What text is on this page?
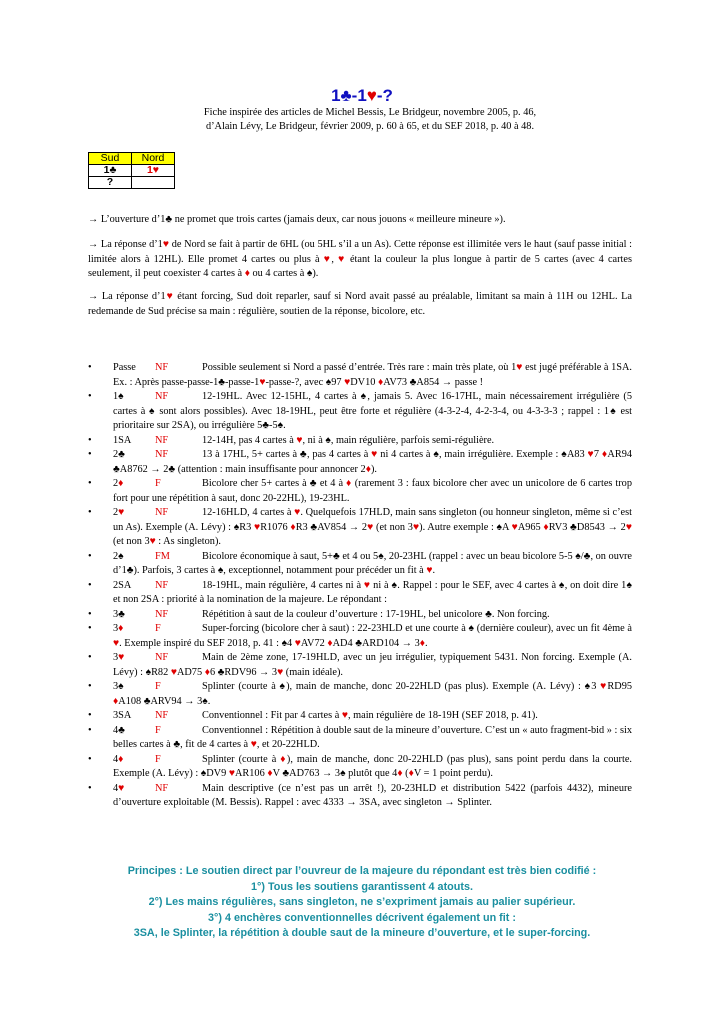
1♣-1♥-?
Fiche inspirée des articles de Michel Bessis, Le Bridgeur, novembre 2005, p. 46,
d’Alain Lévy, Le Bridgeur, février 2009, p. 60 à 65, et du SEF 2018, p. 40 à 48.
Sud	Nord
1♣	1♥
?	
→ L’ouverture d’1♣ ne promet que trois cartes (jamais deux, car nous jouons « meilleure mineure »).
→ La réponse d’1♥ de Nord se fait à partir de 6HL (ou 5HL s’il a un As). Cette réponse est illimitée vers le haut (sauf passe initial : limitée alors à 12HL). Elle promet 4 cartes ou plus à ♥, ♥ étant la couleur la plus longue à partir de 5 cartes (avec 4 cartes seulement, il peut coexister 4 cartes à ♦ ou 4 cartes à ♠).
→ La réponse d’1♥ étant forcing, Sud doit reparler, sauf si Nord avait passé au préalable, limitant sa main à 11H ou 12HL. La redemande de Sud précise sa main : régulière, soutien de la réponse, bicolore, etc.
• Passe NF	Possible seulement si Nord a passé d’entrée. Très rare : main très plate, où 1♥ est jugé préférable à 1SA. Ex. : Après passe-passe-1♣-passe-1♥-passe-?, avec ♠97 ♥DV10 ♦AV73 ♣A854 → passe !
• 1♠	NF	12-19HL. Avec 12-15HL, 4 cartes à ♠, jamais 5. Avec 16-17HL, main nécessairement irrégulière (5 cartes à ♠ sont alors possibles). Avec 18-19HL, peut être forte et régulière (4-3-2-4, 4-2-3-4, ou 4-3-3-3 ; rappel : 1♠ est prioritaire sur 2SA), ou irrégulière 5♣-5♠.
• 1SA NF	12-14H, pas 4 cartes à ♥, ni à ♠, main régulière, parfois semi-régulière.
• 2♣	NF	13 à 17HL, 5+ cartes à ♣, pas 4 cartes à ♥ ni 4 cartes à ♠, main irrégulière. Exemple : ♠A83 ♥7 ♦AR94 ♣A8762 → 2♣ (attention : main insuffisante pour annoncer 2♦).
• 2♦	F	Bicolore cher 5+ cartes à ♣ et 4 à ♦ (rarement 3 : faux bicolore cher avec un unicolore de 6 cartes trop fort pour une répétition à saut, donc 20-22HL), 19-23HL.
• 2♥	NF	12-16HLD, 4 cartes à ♥. Quelquefois 17HLD, main sans singleton (ou honneur singleton, même si c’est un As). Exemple (A. Lévy) : ♠R3 ♥R1076 ♦R3 ♣AV854 → 2♥ (et non 3♥). Autre exemple : ♠A ♥A965 ♦RV3 ♣D8543 → 2♥ (et non 3♥ : As singleton).
• 2♠	FM	Bicolore économique à saut, 5+♣ et 4 ou 5♠, 20-23HL (rappel : avec un beau bicolore 5-5 ♠/♣, on ouvre d’1♣). Parfois, 3 cartes à ♠, exceptionnel, notamment pour précéder un fit à ♥.
• 2SA NF	18-19HL, main régulière, 4 cartes ni à ♥ ni à ♠. Rappel : pour le SEF, avec 4 cartes à ♠, on doit dire 1♠ et non 2SA : priorité à la nomination de la majeure. Le répondant :
• 3♣	NF	Répétition à saut de la couleur d’ouverture : 17-19HL, bel unicolore ♣. Non forcing.
• 3♦	F	Super-forcing (bicolore cher à saut) : 22-23HLD et une courte à ♠ (dernière couleur), avec un fit 4ème à ♥. Exemple inspiré du SEF 2018, p. 41 : ♠4 ♥AV72 ♦AD4 ♣ARD104 → 3♦.
• 3♥	NF	Main de 2ème zone, 17-19HLD, avec un jeu irrégulier, typiquement 5431. Non forcing. Exemple (A. Lévy) : ♠R82 ♥AD75 ♦6 ♣RDV96 → 3♥ (main idéale).
• 3♠	F	Splinter (courte à ♠), main de manche, donc 20-22HLD (pas plus). Exemple (A. Lévy) : ♠3 ♥RD95 ♦A108 ♣ARV94 → 3♠.
• 3SA NF	Conventionnel : Fit par 4 cartes à ♥, main régulière de 18-19H (SEF 2018, p. 41).
• 4♣	F	Conventionnel : Répétition à double saut de la mineure d’ouverture. C’est un « auto fragment-bid » : six belles cartes à ♣, fit de 4 cartes à ♥, et 20-22HLD.
• 4♦	F	Splinter (courte à ♦), main de manche, donc 20-22HLD (pas plus), sans point perdu dans la courte. Exemple (A. Lévy) : ♠DV9 ♥AR106 ♦V ♣AD763 → 3♠ plutôt que 4♦ (♦V = 1 point perdu).
• 4♥	NF	Main descriptive (ce n’est pas un arrêt !), 20-23HLD et distribution 5422 (parfois 4432), mineure d’ouverture exploitable (M. Bessis). Rappel : avec 4333 → 3SA, avec singleton → Splinter.
Principes : Le soutien direct par l’ouvreur de la majeure du répondant est très bien codifié :
1°) Tous les soutiens garantissent 4 atouts.
2°) Les mains régulières, sans singleton, ne s’expriment jamais au palier supérieur.
3°) 4 enchères conventionnelles décrivent également un fit :
3SA, le Splinter, la répétition à double saut de la mineure d’ouverture, et le super-forcing.
